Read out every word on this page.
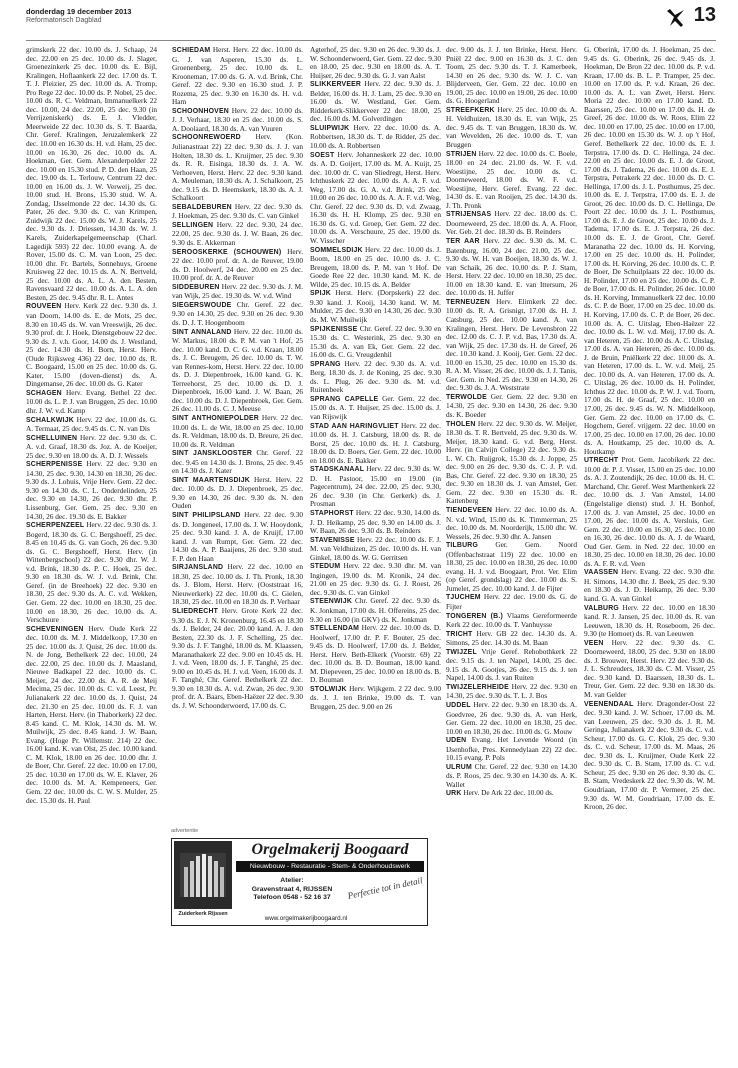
donderdag 19 december 2013
Reformatorisch Dagblad	13

grimskerk 22 dec. 10.00 ds. J. Schaap, 24 dec. 22.00 en 25 dec. 10.00 ds. J. Slager, Groenezinkerk 25 dec. 10.00 ds. E. Bijl, Kralingen, Hoflaankerk 22 dec. 17.00 ds. T. T. J. Pleizier, 25 dec. 10.00 ds. A. Tromp, Pro Rege 22 dec. 10.00 ds. P. Nobel, 25 dec. 10.00 ds. R. C. Veldman, Immanuelkerk 22 dec. 10.00, 24 dec. 22.00, 25 dec. 9.30 (in Verrijzeniskerk) ds. E. J. Vledder, Meerweide 22 dec. 10.30 ds. S. T. Baarda, Chr. Geref. Kralingen, Jeruzalemkerk 22 dec. 10.00 en 16.30 ds. H. v.d. Ham, 25 dec. 10.00 en 16.30, 26 dec. 10.00 ds. A. Hoekman, Ger. Gem. Alexanderpolder 22 dec. 10.00 en 15.30 stud. P. D. den Haan, 25 dec. 19.00 ds. L. Terlouw, Centrum 22 dec. 10.00 en 16.00 ds. J. W. Verweij, 25 dec. 10.00 stud. H. Brons, 15.30 stud. W. A. Zondag, IJsselmonde 22 dec. 14.30 ds. G. Pater, 26 dec. 9.30 ds. C. van Krimpen, Zuidwijk 22 dec. 15.00 ds. W. J. Karels, 25 dec. 9.30 ds. J. Driessen, 14.30 ds. W. J. Karels, Zuiderkapelgemeenschap (Charl. Lagedijk 593) 22 dec. 10.00 evang. A. de Rover, 15.00 ds. C. M. van Loon, 25 dec. 10.00 dhr. Fr. Bartels, Sonnehuys, Groene Kruisweg 22 dec. 10.15 ds. A. N. Bertveld, 25 dec. 10.00 ds. A. L. A. den Besten, Ravensvaard 22 dec. 10.00 ds. A. L. A. den Besten, 25 dec. 9.45 dhr. R. L. Antes

ROUVEEN Herv. Kerk 22 dec. 9.30 ds. J. van Doorn, 14.00 ds. E. de Mots, 25 dec. 8.30 en 10.45 ds. W. van Vreeswijk, 26 dec. 9.30 prof. dr. J. Hoek, Dienstgebouw 22 dec. 9.30 ds. J. v.h. Goor, 14.00 ds. J. Westland, 25 dec. 14.30 ds. H. Born, Herst. Herv. (Oude Rijksweg 436) 22 dec. 10.00 ds. R. C. Boogaard, 15.00 en 25 dec. 10.00 ds. G. Kater, 15.00 (doven-dienst) ds. A. Dingemanse, 26 dec. 10.00 ds. G. Kater

SCHAGEN Herv. Evang. Bethel 22 dec. 10.00 ds. L. P. J. van Bruggen, 25 dec. 10.00 dhr. J. W. v.d. Kamp

SCHALKWIJK Herv. 22 dec. 10.00 ds. G. A. Termaat, 25 dec. 9.45 ds. C. N. van Dis

SCHELLUINEN Herv. 22 dec. 9.30 ds. C. A. v.d. Graaf, 18.30 ds. Joz. A. de Koeijer, 25 dec. 9.30 en 18.00 ds. A. D. J. Wessels

SCHERPENISSE Herv. 22 dec. 9.30 en 14.30, 25 dec. 9.30, 14.30 en 18.30, 26 dec. 9.30 ds. J. Lohuis, Vrije Herv. Gem. 22 dec. 9.30 en 14.30 ds. C. L. Onderdelinden, 25 dec. 9.30 en 14.30, 26 dec. 9.30 dhr. P. Lissenburg, Ger. Gem. 25 dec. 9.30 en 14.30, 26 dec. 19.30 ds. E. Bakker

SCHERPENZEEL Herv. 22 dec. 9.30 ds. J. Bogerd, 18.30 ds. G. C. Bergshoeff, 25 dec. 8.45 en 10.45 ds. G. van Goch, 26 dec. 9.30 ds. G. C. Bergshoeff, Herst. Herv. (in Wittenbergschool) 22 dec. 9.30 dhr. W. J. v.d. Brink, 18.30 ds. P. C. Hoek, 25 dec. 9.30 en 18.30 ds. W. J. v.d. Brink, Chr. Geref. (in de Breehoek) 22 dec. 9.30 en 18.30, 25 dec. 9.30 ds. A. C. v.d. Wekken, Ger. Gem. 22 dec. 10.00 en 18.30, 25 dec. 10.00 en 18.30, 26 dec. 10.00 ds. A. Verschuure

SCHEVENINGEN Herv. Oude Kerk 22 dec. 10.00 ds. M. J. Middelkoop, 17.30 en 25 dec. 10.00 ds. J. Quist, 26 dec. 10.00 ds. N. de Jong, Bethelkerk 22 dec. 10.00, 24 dec. 22.00, 25 dec. 10.00 ds. J. Maasland, Nieuwe Badkapel 22 dec. 10.00 ds. C. Meijer, 24 dec. 22.00 ds. A. R. de Meij Mecima, 25 dec. 10.00 ds. C. v.d. Leest, Pr. Julianakerk 22 dec. 10.00 ds. J. Quist, 24 dec. 21.30 en 25 dec. 10.00 ds. F. J. van Harten, Herst. Herv. (in Thaborkerk) 22 dec. 8.45 kand. C. M. Klok, 14.30 ds. M. W. Muilwijk, 25 dec. 8.45 kand. J. W. Baan, Evang. (Hoge Pr. Willemstr. 214) 22 dec. 16.00 kand. K. van Olst, 25 dec. 10.00 kand. C. M. Klok, 18.00 en 26 dec. 10.00 dhr. J. de Boer, Chr. Geref. 22 dec. 10.00 en 17.00, 25 dec. 10.30 en 17.00 ds. W. E. Klaver, 26 dec. 10.00 ds. M. A. Kempeneers, Ger. Gem. 22 dec. 10.00 ds. C. W. S. Mulder, 25 dec. 15.30 ds. H. Paul

SCHIEDAM Herst. Herv. 22 dec. 10.00 ds. G. J. van Asperen, 15.30 ds. L. Groenenberg, 25 dec. 10.00 ds. L. Krooneman, 17.00 ds. G. A. v.d. Brink, Chr. Geref. 22 dec. 9.30 en 16.30 stud. J. P. Rozema, 25 dec. 9.30 en 16.30 ds. H. v.d. Ham

SCHOONHOVEN Herv. 22 dec. 10.00 ds. J. J. Verhaar, 18.30 en 25 dec. 10.00 ds. S. A. Doolaard, 18.30 ds. A. van Vuuren

SCHOONREWOERD Herv. (Kon. Julianastraat 22) 22 dec. 9.30 ds. J. J. van Holten, 18.30 ds. L. Kruijmer, 25 dec. 9.30 ds. R. R. Eisinga, 18.30 ds. J. A. W. Verhoeven, Herst. Herv. 22 dec. 9.30 kand. A. Meuleman, 18.30 ds. A. J. Schalkoort, 25 dec. 9.15 ds. D. Heemskerk, 18.30 ds. A. J. Schalkoort

SEBALDEBUREN Herv. 22 dec. 9.30 ds. J. Hoekman, 25 dec. 9.30 ds. C. van Ginkel

SELLINGEN Herv. 22 dec. 9.30, 24 dec. 22.00, 25 dec. 9.30 ds. J. W. Baan, 26 dec. 9.30 ds. E. Akkerman

SEROOSKERKE (SCHOUWEN) Herv. 22 dec. 10.00 prof. dr. A. de Reuver, 19.00 ds. D. Hoolwerf, 24 dec. 20.00 en 25 dec. 10.00 prof. dr. A. de Reuver

SIDDEBUREN Herv. 22 dec. 9.30 ds. J. M. van Wijk, 25 dec. 19.30 ds. W. v.d. Wind

SIEGERSWOUDE Chr. Geref. 22 dec. 9.30 en 14.30, 25 dec. 9.30 en 26 dec. 9.30 ds. D. J. T. Hoogenboom

SINT ANNALAND Herv. 22 dec. 10.00 ds. W. Markus, 18.00 ds. P. M. van 't Hof, 25 dec. 10.00 kand. D. C. G. v.d. Kraan, 18.00 ds. J. C. Breugem, 26 dec. 10.00 ds. T. W. van Rennes-kom, Herst. Herv. 22 dec. 10.00 ds. D. J. Diepenbroek, 16.00 kand. G. K. Terreehorst, 25 dec. 10.00 ds. D. J. Diepenbroek, 16.00 kand. J. W. Baan, 26 dec. 10.00 ds. D. J. Diepenbroek, Ger. Gem. 26 dec. 11.00 ds. C. J. Meeuse

SINT ANTHONIEPOLDER Herv. 22 dec. 10.00 ds. L. de Wit, 18.00 en 25 dec. 10.00 ds. R. Veldman, 18.00 ds. D. Breure, 26 dec. 10.00 ds. R. Veldman

SINT JANSKLOOSTER Chr. Geref. 22 dec. 9.45 en 14.30 ds. J. Brons, 25 dec. 9.45 en 14.30 ds. J. Kater

SINT MAARTENSDIJK Herst. Herv. 22 dec. 10.00 ds. D. J. Diepenbroek, 25 dec. 9.30 en 14.30, 26 dec. 9.30 ds. N. den Ouden

SINT PHILIPSLAND Herv. 22 dec. 9.30 ds. D. Jongeneel, 17.00 ds. J. W. Hooydonk, 25 dec. 9.30 kand. J. A. de Kruijf, 17.00 kand. J. van Rumpt, Ger. Gem. 22 dec. 14.30 ds. A. P. Baaijens, 26 dec. 9.30 stud. F. P. den Haan

SIRJANSLAND Herv. 22 dec. 10.00 en 18.30, 25 dec. 10.00 ds. J. Th. Pronk, 18.30 ds. J. Blom, Herst. Herv. (Ooststraat 16, Nieuwerkerk) 22 dec. 10.00 ds. C. Gielen, 18.30, 25 dec. 10.00 en 18.30 ds. P. Verhaar

SLIEDRECHT Herv. Grote Kerk 22 dec. 9.30 ds. E. J. N. Kronenburg, 16.45 en 18.30 ds. J. Belder, 24 dec. 20.00 kand. A. J. den Besten, 22.30 ds. J. F. Schelling, 25 dec. 9.30 ds. J. F. Tanghé, 18.00 ds. M. Klaassen, Maranathakerk 22 dec. 9.00 en 10.45 ds. H. J. v.d. Veen, 18.00 ds. J. F. Tanghé, 25 dec. 9.00 en 10.45 ds. H. J. v.d. Veen, 16.00 ds. J. F. Tanghé, Chr. Geref. Bethelkerk 22 dec. 9.30 en 18.30 ds. A. v.d. Zwan, 26 dec. 9.30 prof. dr. A. Baars, Eben-Haëzer 22 dec. 9.30 ds. J. W. Schoonderwoerd, 17.00 ds. C.

Agterhof, 25 dec. 9.30 en 26 dec. 9.30 ds. J. W. Schoonderwoerd, Ger. Gem. 22 dec. 9.30 en 18.00, 25 dec. 9.30 en 18.00 ds. A. T. Huijser, 26 dec. 9.30 ds. G. J. van Aalst

SLIKKERVEER Herv. 22 dec. 9.30 ds. J. Belder, 16.00 ds. H. J. Lam, 25 dec. 9.30 en 16.00 ds. W. Westland, Ger. Gem. Ridderkerk-Slikkerveer 22 dec. 18.00, 25 dec. 16.00 ds. M. Golverdingen

SLUIPWIJK Herv. 22 dec. 10.00 ds. A. Robbertsen, 18.30 ds. T. de Ridder, 25 dec. 10.00 ds. A. Robbertsen

SOEST Herv. Johanneskerk 22 dec. 10.00 ds. A. D. Goijert, 17.00 ds. M. A. Kuijt, 25 dec. 10.00 dr. C. van Sliedregt, Herst. Herv. Ichthuskerk 22 dec. 10.00 ds. A. A. F. v.d. Weg, 17.00 ds. G. A. v.d. Brink, 25 dec. 10.00 en 26 dec. 10.00 ds. A. A. F. v.d. Weg, Chr. Geref. 22 dec. 9.30 ds. D. v.d. Zwaag, 16.30 ds. H. H. Klomp, 25 dec. 9.30 en 16.30 ds. G. v.d. Groep, Ger. Gem. 22 dec. 10.00 ds. A. Verschuure, 25 dec. 19.00 ds. W. Visscher

SOMMELSDIJK Herv. 22 dec. 10.00 ds. J. Boom, 18.00 en 25 dec. 10.00 ds. J. C. Breugem, 18.00 ds. P. M. van 't Hof. De Goede Ree 22 dec. 10.30 kand. M. K. de Wilde, 25 dec. 10.15 ds. A. Belder

SPIJK Herst. Herv. (Dorpskerk) 22 dec. 9.30 kand. J. Kooij, 14.30 kand. W. M. Mulder, 25 dec. 9.30 en 14.30, 26 dec. 9.30 ds. M. W. Muilwijk

SPIJKENISSE Chr. Geref. 22 dec. 9.30 en 15.30 ds. C. Westerink, 25 dec. 9.30 en 15.30 ds. A. van Ek, Ger. Gem. 22 dec. 16.00 ds. C. G. Vreugdenhil

SPRANG Herv. 22 dec. 9.30 ds. A. v.d. Berg, 18.30 ds. J. de Koning, 25 dec. 9.30 ds. L. Plug, 26 dec. 9.30 ds. M. v.d. Ruitenbeek

SPRANG CAPELLE Ger. Gem. 22 dec. 15.00 ds. A. T. Huijser, 25 dec. 15.00 ds. J. van Rijswijk

STAD AAN HARINGVLIET Herv. 22 dec. 10.00 ds. H. J. Catsburg, 18.00 ds. R. de Borst, 25 dec. 10.00 ds. H. J. Catsburg, 18.00 ds. D. Boers, Ger. Gem. 22 dec. 10.00 en 18.00 ds. E. Bakker

STADSKANAAL Herv. 22 dec. 9.30 ds. W. D. H. Pastoor, 15.00 en 19.00 (in Pagecentrum), 24 dec. 22.00, 25 dec. 9.30, 26 dec. 9.30 (in Chr. Gerkerk) ds. J. Prosman

STAPHORST Herv. 22 dec. 9.30, 14.00 ds. J. D. Heikamp, 25 dec. 9.30 en 14.00 ds. J. W. Baan, 26 dec. 9.30 ds. B. Reinders

STAVENISSE Herv. 22 dec. 10.00 ds. F. J. M. van Veldhuizen, 25 dec. 10.00 ds. H. van Ginkel, 18.00 ds. W. G. Gerritsen

STEDUM Herv. 22 dec. 9.30 dhr. M. van Ingingen, 19.00 ds. M. Kronik, 24 dec. 21.00 en 25 dec. 9.30 ds. G. J. Roest, 26 dec. 9.30 ds. C. van Ginkel

STEENWIJK Chr. Geref. 22 dec. 9.30 ds. K. Jonkman, 17.00 ds. H. Offereins, 25 dec. 9.30 en 16.00 (in GKV) ds. K. Jonkman

STELLENDAM Herv. 22 dec. 10.00 ds. D. Hoolwerf, 17.00 dr. P. F. Bouter, 25 dec. 9.45 ds. D. Hoolwerf, 17.00 ds. J. Belder, Herst. Herv. Beth-Elkerk (Voorstr. 69) 22 dec. 10.00 ds. B. D. Bouman, 18.00 kand. M. Diepeveen, 25 dec. 10.00 en 18.00 ds. B. D. Bouman

STOLWIJK Herv. Wijkgem. 2 22 dec. 9.00 ds. J. J. ten Brinke, 19.00 ds. T. van Bruggen, 25 dec. 9.00 en 26

dec. 9.00 ds. J. J. ten Brinke, Herst. Herv. Pniël 22 dec. 9.00 en 16.30 ds. J. C. den Toom, 25 dec. 9.30 ds. T. J. Kamerbeek, 14.30 en 26 dec. 9.30 ds. W. J. C. van Blijderveen, Ger. Gem. 22 dec. 10.00 en 19.00, 25 dec. 10.00 en 19.00, 26 dec. 10.00 ds. G. Hoogerland

STREEFKERK Herv. 25 dec. 10.00 ds. A. H. Veldhuizen, 18.30 ds. E. van Wijk, 25 dec. 9.45 ds. T. van Bruggen, 18.30 ds. W. van Wevelden, 26 dec. 10.00 ds. T. van Bruggen

STRIJEN Herv. 22 dec. 10.00 ds. C. Boele, 18.00 en 24 dec. 21.00 ds. W. F. v.d. Woestijne, 25 dec. 10.00 ds. C. Doorneweerd, 18.00 ds. W. F. v.d. Woestijne, Herv. Geref. Evang. 22 dec. 14.30 ds. E. van Rooijen, 25 dec. 14.30 ds. J. Th. Pronk

STRIJENSAS Herv. 22 dec. 18.00 ds. C. Doorneweerd, 25 dec. 18.00 ds. A. A. Floor, Ver. Geb. 21 dec. 18.30 ds. B. Reinders

TER AAR Herv. 22 dec. 9.30 ds. M. C. Batenburg, 16.00, 24 dec. 21.00, 25 dec. 9.30 ds. W. H. van Boeijen, 18.30 ds. W. J. van Schaik, 26 dec. 10.00 ds. P. J. Stam, Herst. Herv. 22 dec. 10.00 en 18.30, 25 dec. 10.00 en 18.30 kand. E. van Ittersum, 26 dec. 10.00 ds. H. Juffer

TERNEUZEN Herv. Elimkerk 22 dec. 10.00 ds. R. A. Grisnigt, 17.00 ds. H. J. Catsburg, 25 dec. 10.00 kand. A. van Kralingen, Herst. Herv. De Levensbron 22 dec. 12.00 ds. C. J. P. v.d. Bas, 17.30 ds. A. van Wijk, 25 dec. 17.30 ds. H. de Greef, 26 dec. 10.30 kand. J. Kooij, Ger. Gem. 22 dec. 10.00 en 15.30, 25 dec. 10.00 en 15.30 ds. R. A. M. Visser, 26 dec. 10.00 ds. J. J. Tanis, Ger. Gem. in Ned. 25 dec. 9.30 en 14.30, 26 dec. 9.30 ds. J. A. Weststrate

TERWOLDE Ger. Gem. 22 dec. 9.30 en 14.30, 25 dec. 9.30 en 14.30, 26 dec. 9.30 ds. K. Boeder

THOLEN Herv. 22 dec. 9.30 ds. W. Meijer, 18.30 ds. T. R. Bertveld, 25 dec. 9.30 ds. W. Meijer, 18.30 kand. G. v.d. Berg, Herst. Herv. (in Calvijn College) 22 dec. 9.30 ds. L. W. Ch. Ruijgrok, 15.30 ds. J. Joppe, 25 dec. 9.00 en 26 dec. 9.30 ds. C. J. P. v.d. Bas, Chr. Geref. 22 dec. 9.30 en 18.30, 25 dec. 9.30 en 18.30 ds. J. van Amstel, Ger. Gem. 22 dec. 9.30 en 15.30 ds. R. Kattenberg

TIENDEVEEN Herv. 22 dec. 10.00 ds. A. N. v.d. Wind, 15.00 ds. K. Timmerman, 25 dec. 10.00 ds. M. Noorderijk, 15.00 dhr. W. Wessels, 26 dec. 9.30 dhr. A. Jansen

TILBURG Ger. Gem. Noord (Offenbachstraat 119) 22 dec. 10.00 en 18.30, 25 dec. 10.00 en 18.30, 26 dec. 10.00 evang. H. J. v.d. Boogaart, Prot. Ver. Elim (op Geref. grondslag) 22 dec. 10.00 ds. S. Jumelet, 25 dec. 10.00 kand. J. de Fijter

TJUCHEM Herv. 22 dec. 19.00 ds. G. de Fijter

TONGEREN (B.) Vlaams Gereformeerde Kerk 22 dec. 10.00 ds. T. Vanhuysse

TRICHT Herv. GB 22 dec. 14.30 ds. A. Simons, 25 dec. 14.30 ds. M. Baan

TWIJZEL Vrije Geref. Rehobothkerk 22 dec. 9.15 ds. J. ten Napel, 14.00, 25 dec. 9.15 ds. A. Gootjes, 26 dec. 9.15 ds. J. ten Napel, 14.00 ds. J. van Ruiten

TWIJZELERHEIDE Herv. 22 dec. 9.30 en 14.30, 25 dec. 9.30 ds. T. L. J. Bos

UDDEL Herv. 22 dec. 9.30 en 18.30 ds. A. Goedvree, 26 dec. 9.30 ds. A. van Herk, Ger. Gem. 22 dec. 10.00 en 18.30, 25 dec. 10.00 en 18.30, 26 dec. 10.00 ds. G. Mouw

UDEN Evang. Het Levende Woord (in IJsenhofke, Pres. Kennedylaan 22) 22 dec. 10.15 evang. P. Pols

ULRUM Chr. Geref. 22 dec. 9.30 en 14.30 ds. P. Roos, 25 dec. 9.30 en 14.30 ds. A. K. Wallet

URK Herv. De Ark 22 dec. 10.00 ds.

G. Oberink, 17.00 ds. J. Hoekman, 25 dec. 9.45 ds. G. Oberink, 26 dec. 9.45 ds. J. Hoekman, De Bron 22 dec. 10.00 ds. P. v.d. Kraan, 17.00 ds. B. L. P. Tramper, 25 dec. 10.00 en 17.00 ds. P. v.d. Kraan, 26 dec. 10.00 ds. A. L. van Zwet, Herst. Herv. Moria 22 dec. 10.00 en 17.00 kand. D. Baarssen, 25 dec. 10.00 en 17.00 ds. H. de Greef, 26 dec. 10.00 ds. W. Roos, Elim 22 dec. 10.00 en 17.00, 25 dec. 10.00 en 17.00, 26 dec. 10.00 en 15.30 ds. W. J. op 't Hof, Geref. Bethelkerk 22 dec. 10.00 ds. E. J. Terpstra, 17.00 ds. D. C. Hellinga, 24 dec. 22.00 en 25 dec. 10.00 ds. E. J. de Groot, 17.00 ds. J. Tadema, 26 dec. 10.00 ds. E. J. Terpstra, Petrakerk 22 dec. 10.00 ds. D. C. Hellinga, 17.00 ds. J. L. Posthumus, 25 dec. 10.00 ds. E. J. Terpstra, 17.00 ds. E. J. de Groot, 26 dec. 10.00 ds. D. C. Hellinga, De Poort 22 dec. 10.00 ds. J. L. Posthumus, 17.00 ds. E. J. de Groot, 25 dec. 10.00 ds. J. Tadema, 17.00 ds. E. J. Terpstra, 26 dec. 10.00 ds. E. J. de Groot, Chr. Geref. Maranatha 22 dec. 10.00 ds. H. Korving, 17.00 en 25 dec. 10.00 ds. H. Polinder, 17.00 ds. H. Korving, 26 dec. 10.00 ds. C. P. de Boer, De Schuilplaats 22 dec. 10.00 ds. H. Polinder, 17.00 en 25 dec. 10.00 ds. C. P. de Boer, 17.00 ds. H. Polinder, 26 dec. 10.00 ds. H. Korving, Immanuelkerk 22 dec. 10.00 ds. C. P. de Boer, 17.00 en 25 dec. 10.00 ds. H. Korving, 17.00 ds. C. P. de Boer, 26 dec. 10.00 ds. A. C. Uitslag, Eben-Haëzer 22 dec. 10.00 ds. L. W. v.d. Meij, 17.00 ds. A. van Heteren, 25 dec. 10.00 ds. A. C. Uitslag, 17.00 ds. A. van Heteren, 26 dec. 10.00 ds. J. de Bruin, Pniëlkerk 22 dec. 10.00 ds. A. van Heteren, 17.00 ds. L. W. v.d. Meij, 25 dec. 10.00 ds. A. van Heteren, 17.00 ds. A. C. Uitslag, 26 dec. 10.00 ds. H. Polinder, Ichthus 22 dec. 10.00 ds. P. W. J. v.d. Toorn, 17.00 ds. H. de Graaf, 25 dec. 10.00 en 17.00, 26 dec. 9.45 ds. W. N. Middelkoop, Ger. Gem. 22 dec. 10.00 en 17.00 ds. C. Hogchem, Geref. vrijgem. 22 dec. 10.00 en 17.00, 25 dec. 10.00 en 17.00, 26 dec. 10.00 ds. A. Houtkamp, 25 dec. 10.00 ds. A. Houtkamp

UTRECHT Prot. Gem. Jacobikerk 22 dec. 10.00 dr. P. J. Visser, 15.00 en 25 dec. 10.00 ds. A. J. Zoutendijk, 26 dec. 10.00 ds. H. C. Marchand, Chr. Geref. West Marthenkerk 22 dec. 10.00 ds. J. Van Amstel, 14.00 (Engelstalige dienst) stud. J. H. Bonhof, 17.00 ds. J. van Amstel, 25 dec. 10.00 en 17.00, 26 dec. 10.00 ds. A. Versluis, Ger. Gem. 22 dec. 10.00 en 16.30, 25 dec. 10.00 en 16.30, 26 dec. 10.00 ds. A. J. de Waard, Oud Ger. Gem. in Ned. 22 dec. 10.00 en 18.30, 25 dec. 10.00 en 18.30, 26 dec. 10.00 ds. A. F. R. v.d. Veen

VAASSEN Herv. Evang. 22 dec. 9.30 dhr. H. Simons, 14.30 dhr. J. Beek, 25 dec. 9.30 en 18.30 ds. J. D. Heikamp, 26 dec. 9.30 kand. G. A. van Ginkel

VALBURG Herv. 22 dec. 10.00 en 18.30 kand. R. J. Jansen, 25 dec. 10.00 ds. R. van Leeuwen, 18.30 ds. H. Roseboom, 26 dec. 9.30 (te Homoet) ds. R. van Leeuwen

VEEN Herv. 22 dec. 9.30 ds. C. Doorneweerd, 18.00, 25 dec. 9.30 en 18.00 ds. J. Brouwer, Herst. Herv. 22 dec. 9.30 ds. J. L. Schreuders, 18.30 ds. C. M. Visser, 25 dec. 9.30 kand. D. Baarssen, 18.30 ds. L. Treur, Ger. Gem. 22 dec. 9.30 en 18.30 ds. M. van Gelder

VEENENDAAL Herv. Dragonder-Oost 22 dec. 9.30 kand. J. W. Schoer, 17.00 ds. M. van Leeuwen, 25 dec. 9.30 ds. J. R. M. Geringa, Julianakerk 22 dec. 9.30 ds. C. v.d. Scheur, 17.00 ds. G. C. Klok, 25 dec. 9.30 ds. C. v.d. Scheur, 17.00 ds. M. Maas, 26 dec. 9.30 ds. L. Kruijmer, Oude Kerk 22 dec. 9.30 ds. C. B. Stam, 17.00 ds. C. v.d. Scheur, 25 dec. 9.30 en 26 dec. 9.30 ds. C. B. Stam, Vredeskerk 22 dec. 9.30 ds. W. M. Goudriaan, 17.00 dr. P. Vermeer, 25 dec. 9.30 ds. W. M. Goudriaan, 17.00 ds. E. Kroon, 26 dec.

advertentie
Zuiderkerk Rijssen
Orgelmakerij Boogaard
Nieuwbouw - Restauratie - Stem- & Onderhoudswerk
Atelier:
Gravenstraat 4, RIJSSEN
Telefoon 0548 - 52 16 37
www.orgelmakerijboogaard.nl
Perfectie tot in detail
